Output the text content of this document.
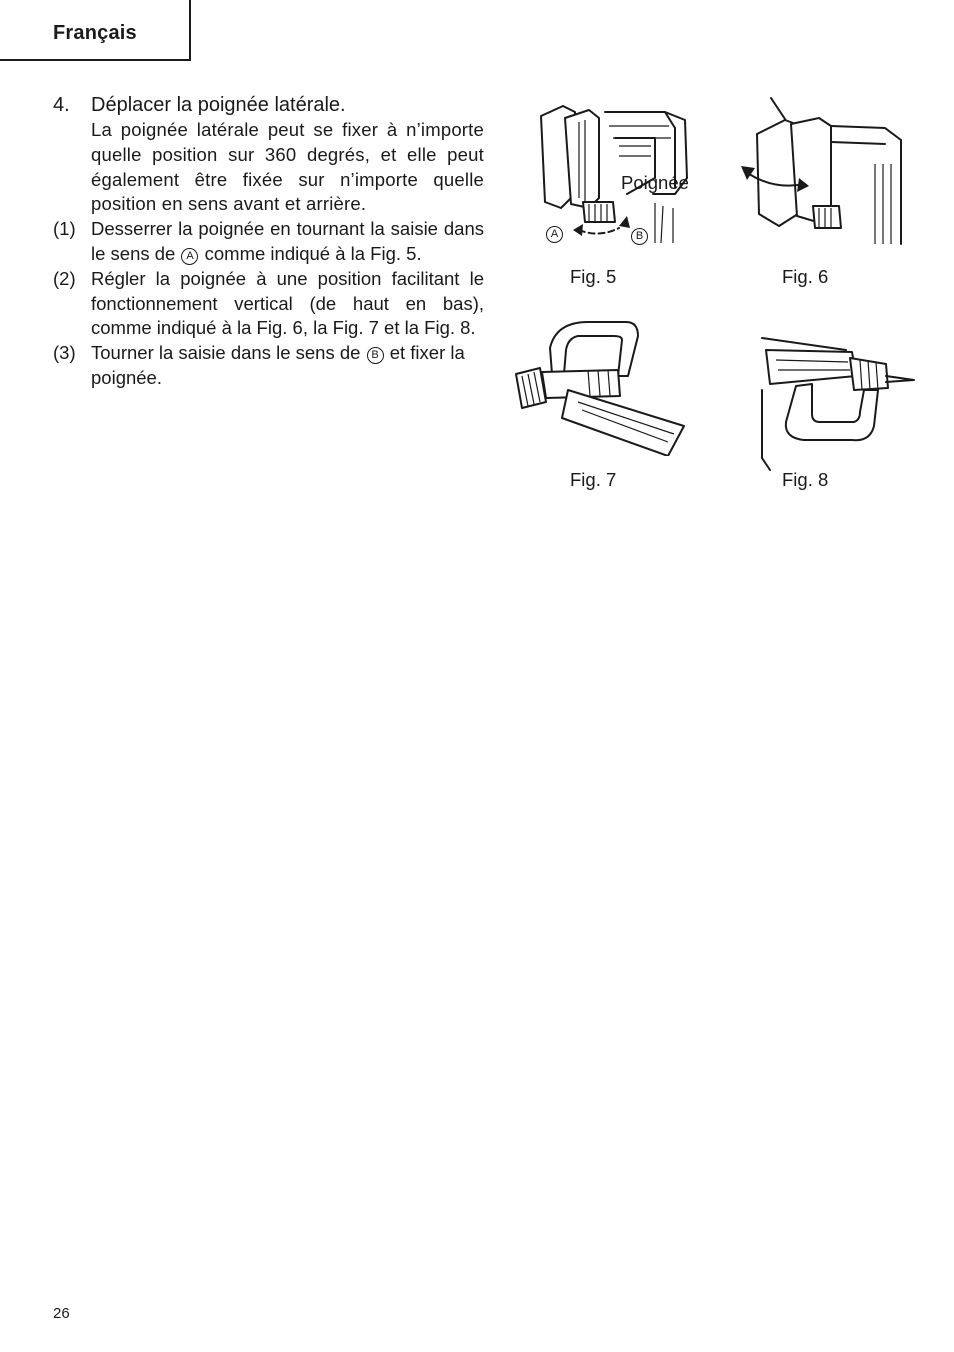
Français
4.	Déplacer la poignée latérale.
La poignée latérale peut se fixer à n’importe quelle position sur 360 degrés, et elle peut également être fixée sur n’importe quelle position en sens avant et arrière.
(1) Desserrer la poignée en tournant la saisie dans le sens de A comme indiqué à la Fig. 5.
(2) Régler la poignée à une position facilitant le fonctionnement vertical (de haut en bas), comme indiqué à la Fig. 6, la Fig. 7 et la Fig. 8.
(3) Tourner la saisie dans le sens de B et fixer la poignée.
Poignée
A	B
Fig. 5	Fig. 6
Fig. 7	Fig. 8
26
